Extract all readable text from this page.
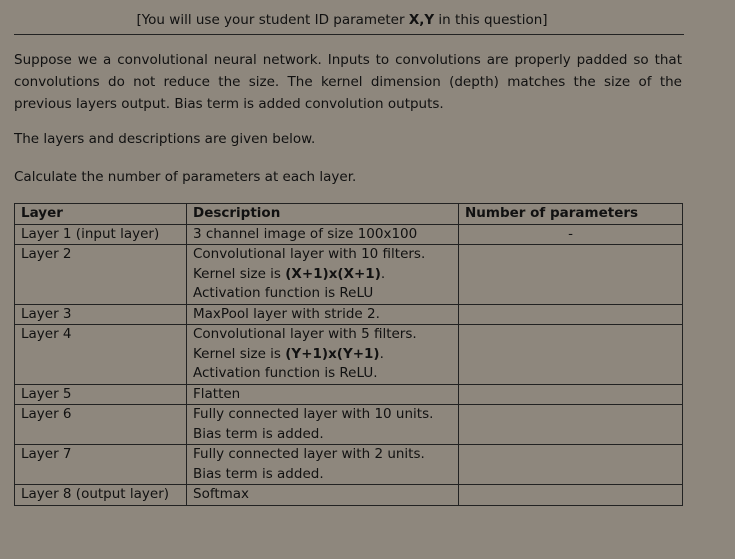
[You will use your student ID parameter X,Y in this question]
Suppose we a convolutional neural network. Inputs to convolutions are properly padded so that convolutions do not reduce the size. The kernel dimension (depth) matches the size of the previous layers output. Bias term is added convolution outputs.
The layers and descriptions are given below.
Calculate the number of parameters at each layer.
Layer	Description	Number of parameters
Layer 1 (input layer)	3 channel image of size 100x100	-
Layer 2	Convolutional layer with 10 filters. Kernel size is (X+1)x(X+1). Activation function is ReLU	
Layer 3	MaxPool layer with stride 2.	
Layer 4	Convolutional layer with 5 filters. Kernel size is (Y+1)x(Y+1). Activation function is ReLU.	
Layer 5	Flatten	
Layer 6	Fully connected layer with 10 units. Bias term is added.	
Layer 7	Fully connected layer with 2 units. Bias term is added.	
Layer 8 (output layer)	Softmax	
